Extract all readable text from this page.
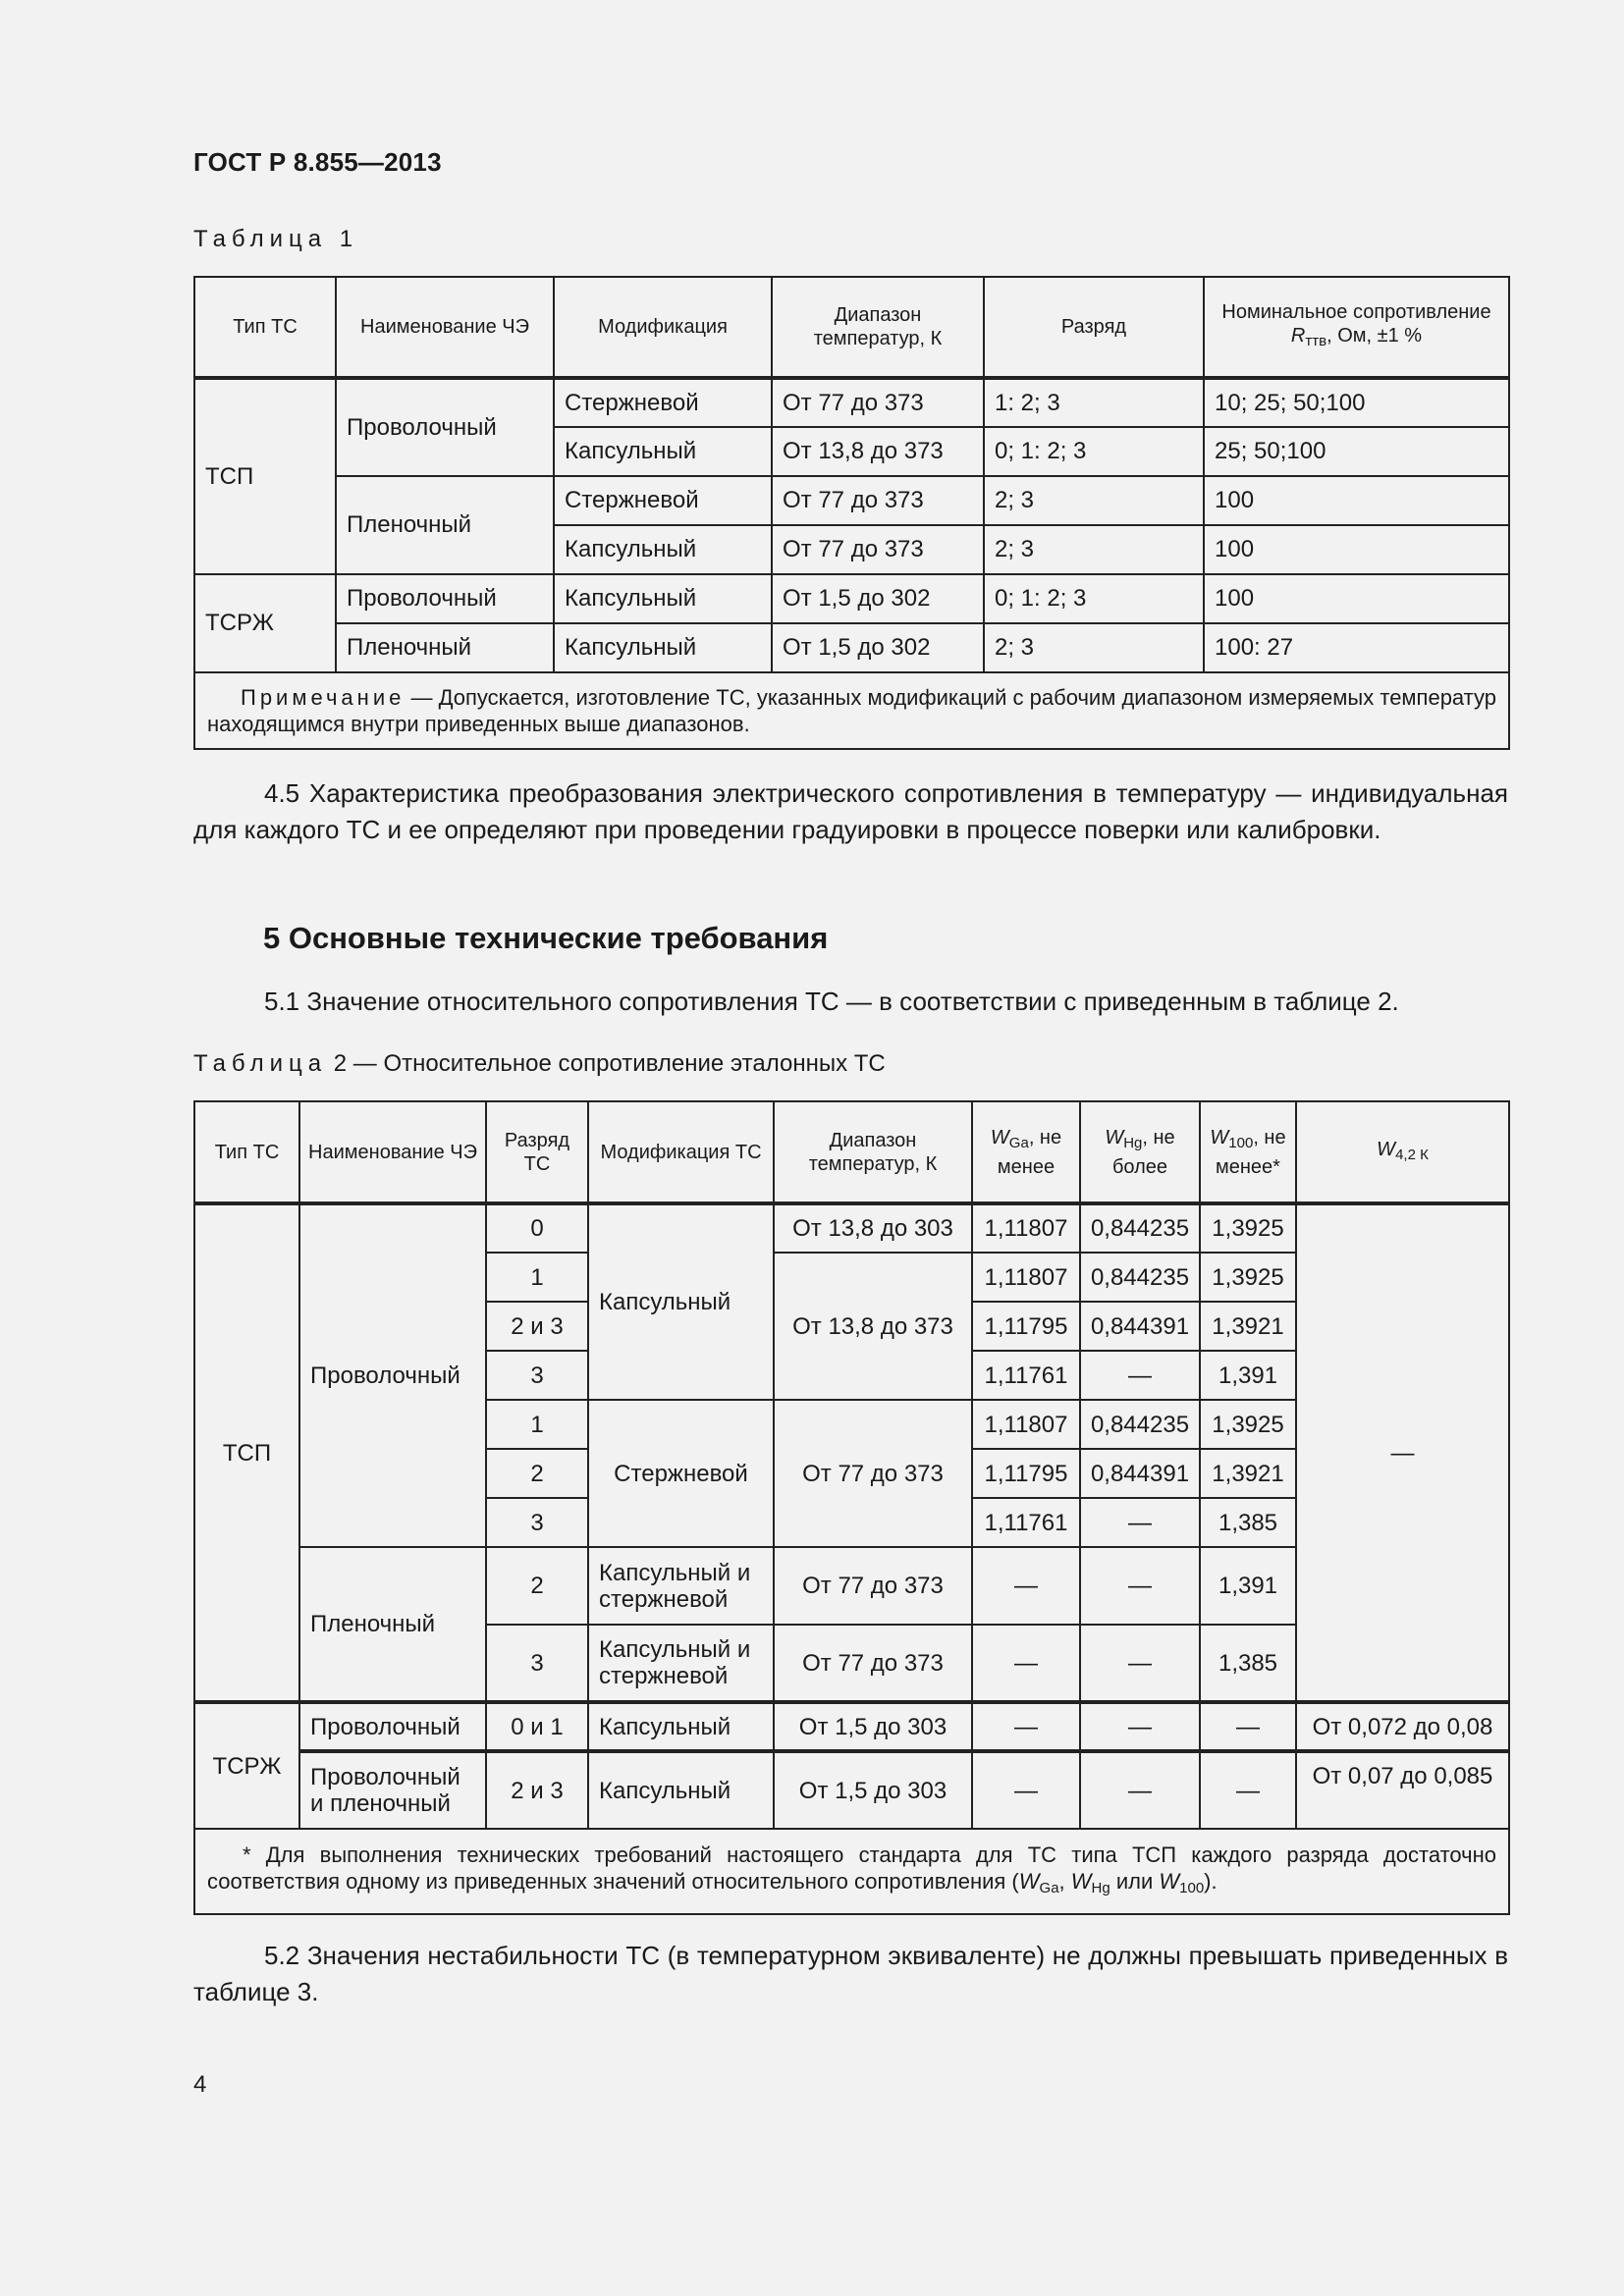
ГОСТ Р 8.855—2013
Таблица 1
Тип ТС	Наименование ЧЭ	Модификация	Диапазон температур, К	Разряд	Номинальное сопротивление $R_{ттв}$, Ом, ±1 %
ТСП	Проволочный	Стержневой	От 77 до 373	1: 2; 3	10; 25; 50;100
		Капсульный	От 13,8 до 373	0; 1: 2; 3	25; 50;100
	Пленочный	Стержневой	От 77 до 373	2; 3	100
		Капсульный	От 77 до 373	2; 3	100
ТСРЖ	Проволочный	Капсульный	От 1,5 до 302	0; 1: 2; 3	100
	Пленочный	Капсульный	От 1,5 до 302	2; 3	100: 27
Примечание — Допускается, изготовление ТС, указанных модификаций с рабочим диапазоном измеряемых температур находящимся внутри приведенных выше диапазонов.					
4.5 Характеристика преобразования электрического сопротивления в температуру — индивидуальная для каждого ТС и ее определяют при проведении градуировки в процессе поверки или калибровки.
5 Основные технические требования
5.1 Значение относительного сопротивления ТС — в соответствии с приведенным в таблице 2.
Таблица 2 — Относительное сопротивление эталонных ТС
Тип ТС	Наименование ЧЭ	Разряд ТС	Модификация ТС	Диапазон температур, К	$W_{Ga}$, не менее	$W_{Hg}$, не более	$W_{100}$, не менее*	$W_{4,2 К}$
ТСП	Проволочный	0	Капсульный	От 13,8 до 303	1,11807	0,844235	1,3925	—
		1		От 13,8 до 373	1,11807	0,844235	1,3925	
		2 и 3			1,11795	0,844391	1,3921	
		3			1,11761	—	1,391	
		1	Стержневой	От 77 до 373	1,11807	0,844235	1,3925	
		2			1,11795	0,844391	1,3921	
		3			1,11761	—	1,385	
	Пленочный	2	Капсульный и стержневой	От 77 до 373	—	—	1,391	
		3	Капсульный и стержневой	От 77 до 373	—	—	1,385	
ТСРЖ	Проволочный	0 и 1	Капсульный	От 1,5 до 303	—	—	—	От 0,072 до 0,08
	Проволочный и пленочный	2 и 3	Капсульный	От 1,5 до 303	—	—	—	От 0,07 до 0,085
* Для выполнения технических требований настоящего стандарта для ТС типа ТСП каждого разряда достаточно соответствия одному из приведенных значений относительного сопротивления ($W_{Ga}$, $W_{Hg}$ или $W_{100}$).								
5.2 Значения нестабильности ТС (в температурном эквиваленте) не должны превышать приведенных в таблице 3.
4
